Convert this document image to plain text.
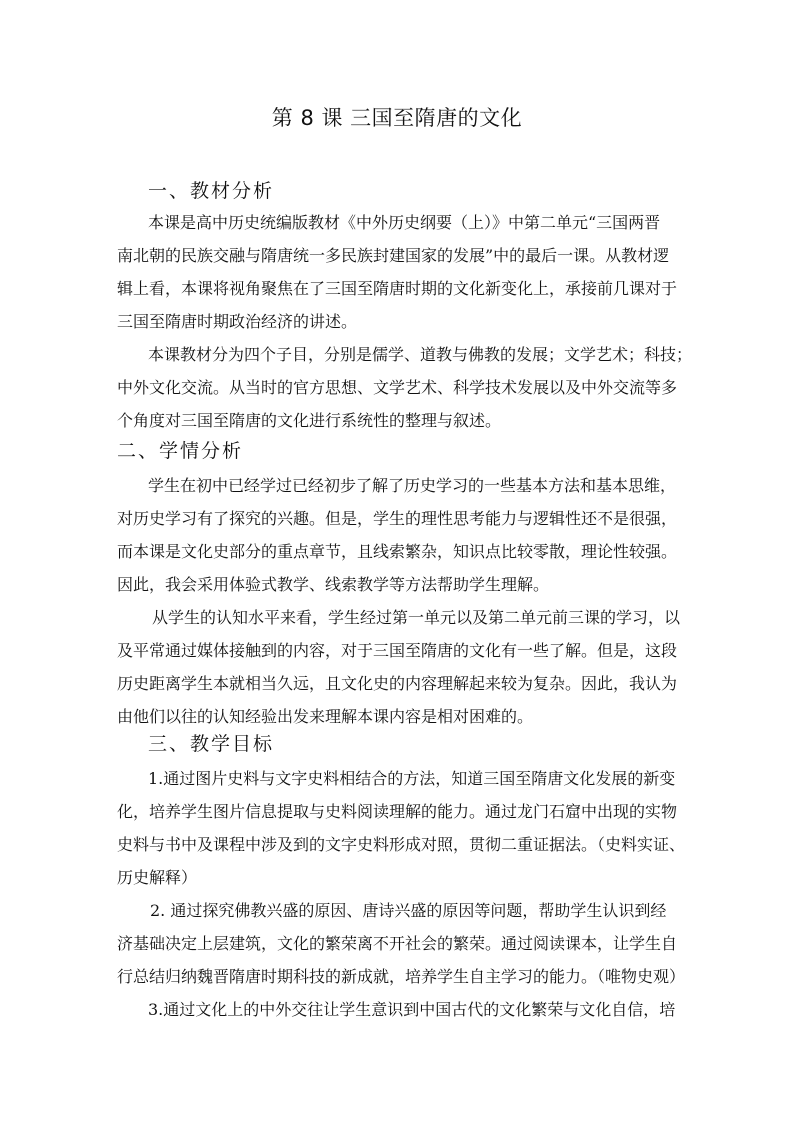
第 8 课 三国至隋唐的文化
一、教材分析
本课是高中历史统编版教材《中外历史纲要（上）》中第二单元“三国两晋
南北朝的民族交融与隋唐统一多民族封建国家的发展”中的最后一课。从教材逻
辑上看，本课将视角聚焦在了三国至隋唐时期的文化新变化上，承接前几课对于
三国至隋唐时期政治经济的讲述。
本课教材分为四个子目，分别是儒学、道教与佛教的发展；文学艺术；科技；
中外文化交流。从当时的官方思想、文学艺术、科学技术发展以及中外交流等多
个角度对三国至隋唐的文化进行系统性的整理与叙述。
二、学情分析
学生在初中已经学过已经初步了解了历史学习的一些基本方法和基本思维，
对历史学习有了探究的兴趣。但是，学生的理性思考能力与逻辑性还不是很强，
而本课是文化史部分的重点章节，且线索繁杂，知识点比较零散，理论性较强。
因此，我会采用体验式教学、线索教学等方法帮助学生理解。
从学生的认知水平来看，学生经过第一单元以及第二单元前三课的学习，以
及平常通过媒体接触到的内容，对于三国至隋唐的文化有一些了解。但是，这段
历史距离学生本就相当久远，且文化史的内容理解起来较为复杂。因此，我认为
由他们以往的认知经验出发来理解本课内容是相对困难的。
三、教学目标
1.通过图片史料与文字史料相结合的方法，知道三国至隋唐文化发展的新变
化，培养学生图片信息提取与史料阅读理解的能力。通过龙门石窟中出现的实物
史料与书中及课程中涉及到的文字史料形成对照，贯彻二重证据法。（史料实证、
历史解释）
2. 通过探究佛教兴盛的原因、唐诗兴盛的原因等问题，帮助学生认识到经
济基础决定上层建筑，文化的繁荣离不开社会的繁荣。通过阅读课本，让学生自
行总结归纳魏晋隋唐时期科技的新成就，培养学生自主学习的能力。（唯物史观）
3.通过文化上的中外交往让学生意识到中国古代的文化繁荣与文化自信，培
